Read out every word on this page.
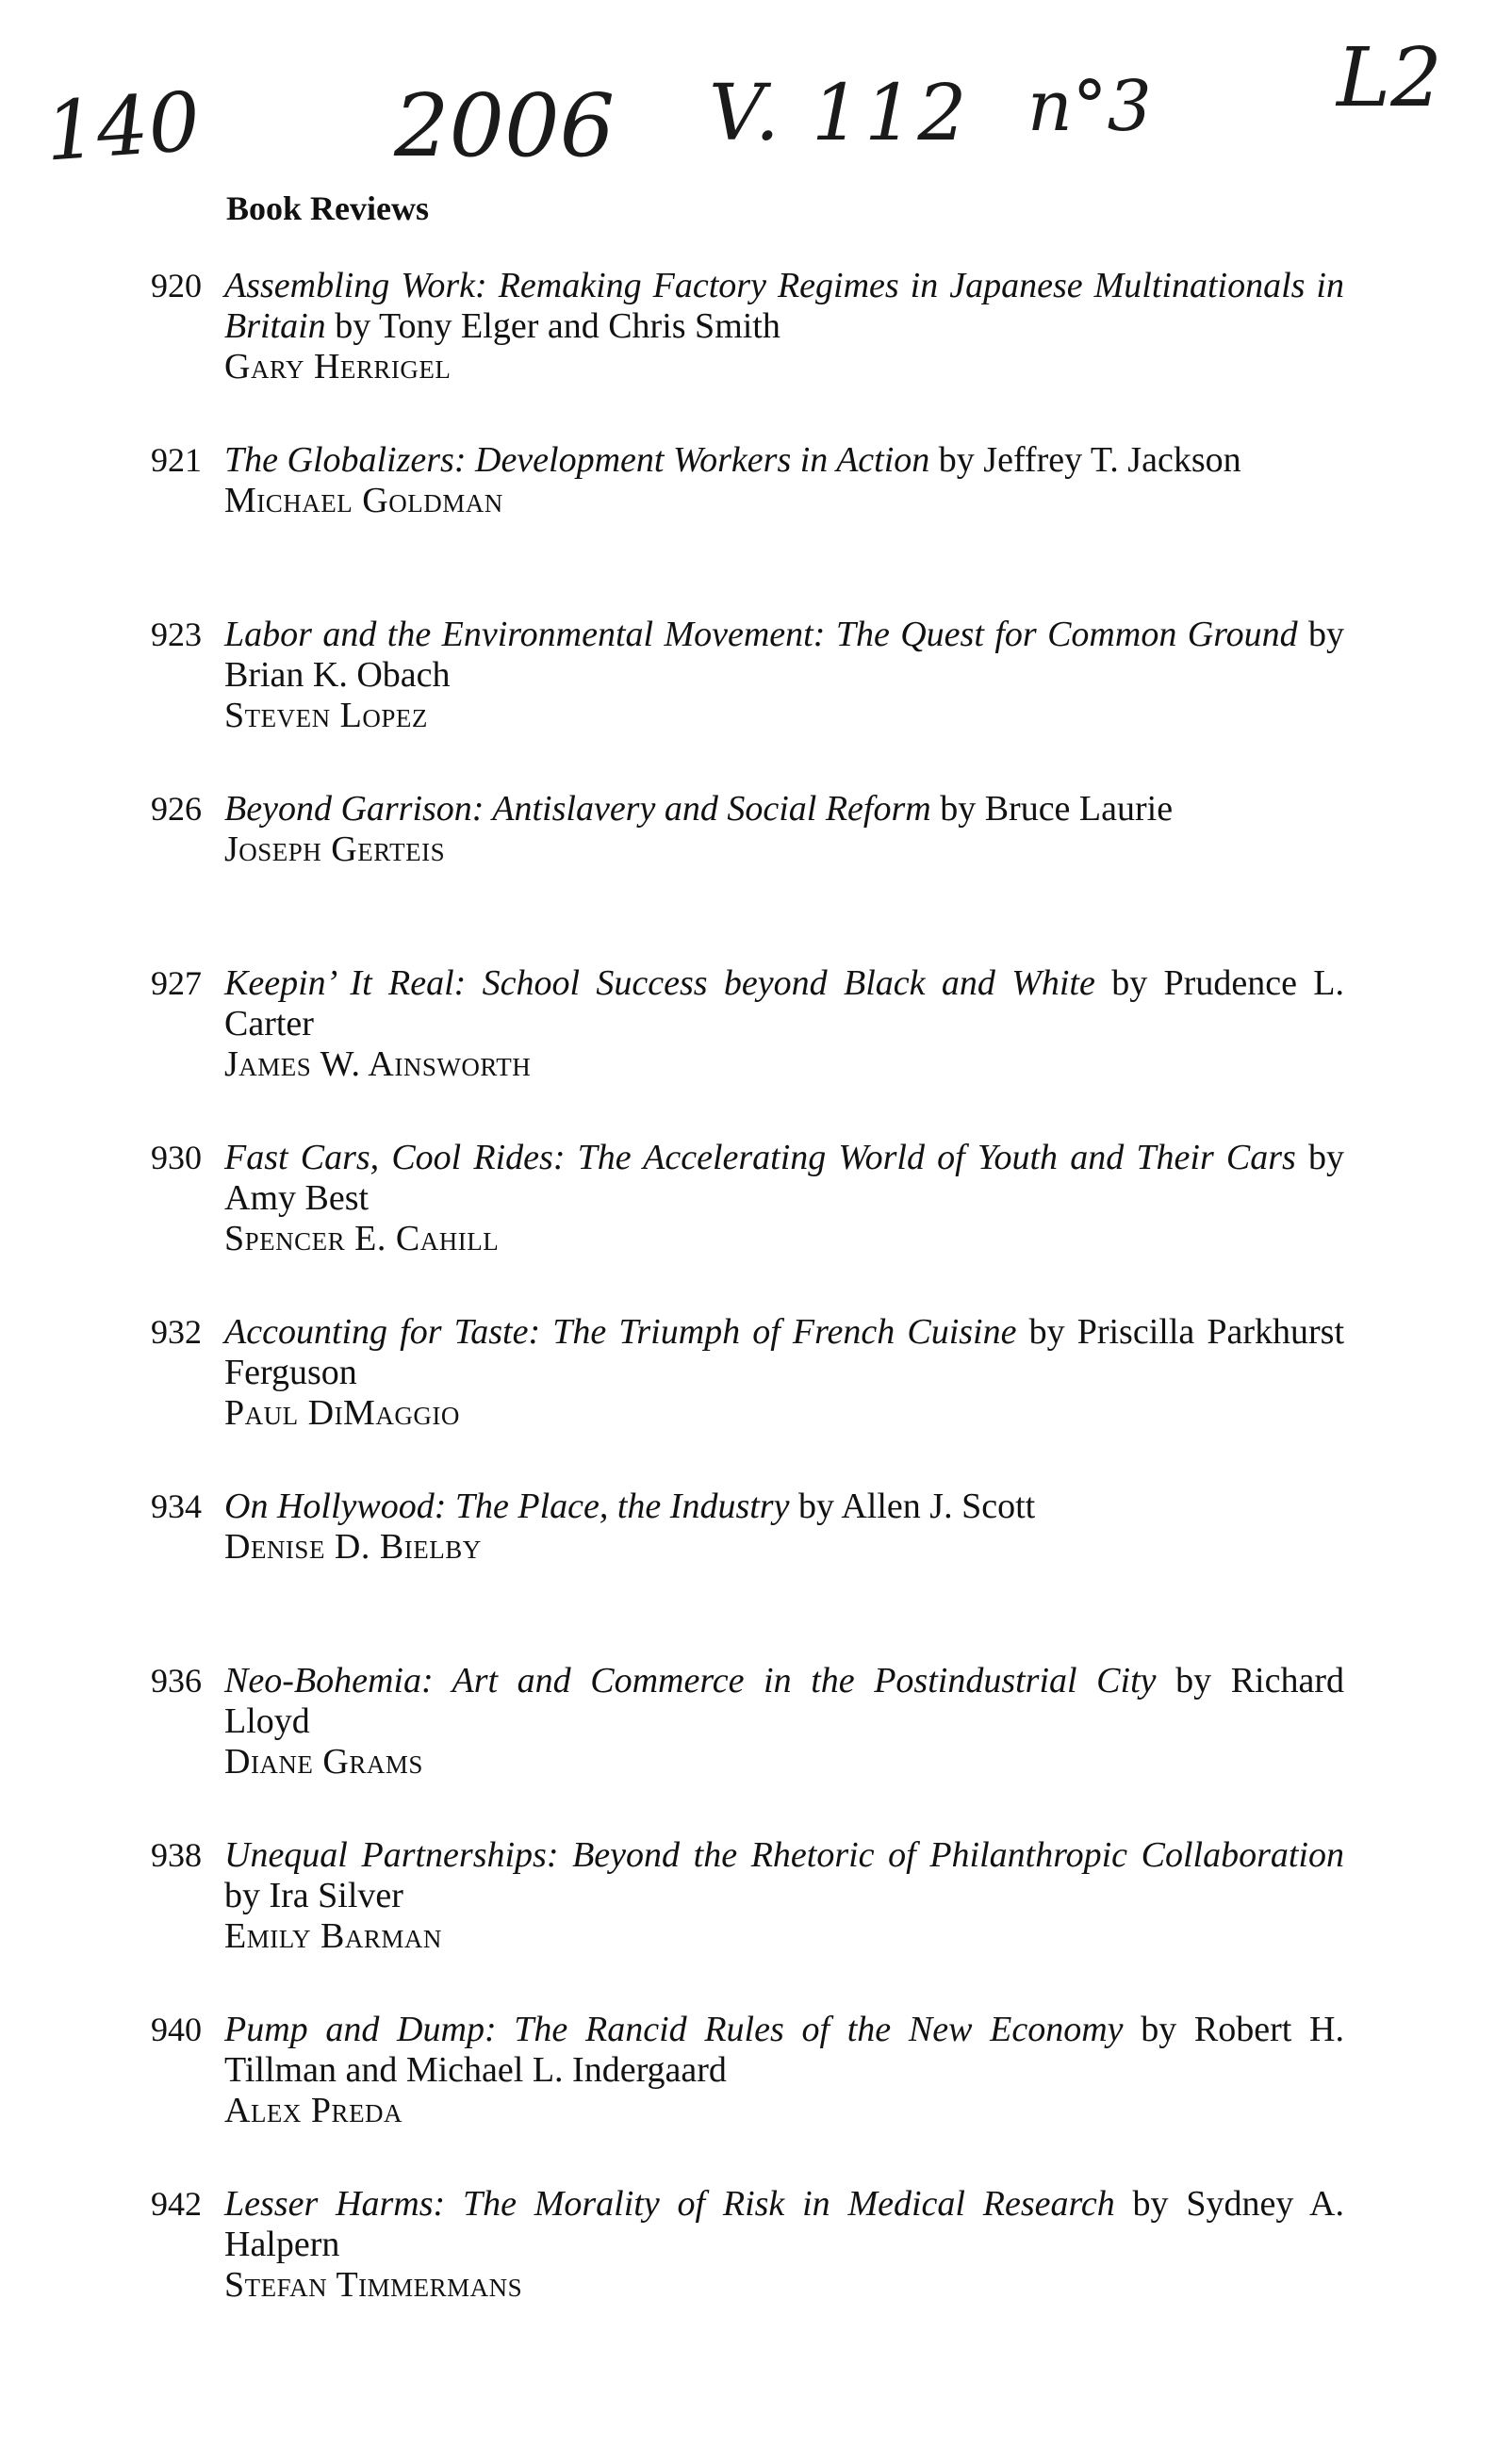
140 2006 V. 112 n°3 L2
Book Reviews
920 Assembling Work: Remaking Factory Regimes in Japanese Multinationals in Britain by Tony Elger and Chris Smith
Gary Herrigel
921 The Globalizers: Development Workers in Action by Jeffrey T. Jackson
Michael Goldman
923 Labor and the Environmental Movement: The Quest for Common Ground by Brian K. Obach
Steven Lopez
926 Beyond Garrison: Antislavery and Social Reform by Bruce Laurie
Joseph Gerteis
927 Keepin’ It Real: School Success beyond Black and White by Prudence L. Carter
James W. Ainsworth
930 Fast Cars, Cool Rides: The Accelerating World of Youth and Their Cars by Amy Best
Spencer E. Cahill
932 Accounting for Taste: The Triumph of French Cuisine by Priscilla Parkhurst Ferguson
Paul DiMaggio
934 On Hollywood: The Place, the Industry by Allen J. Scott
Denise D. Bielby
936 Neo-Bohemia: Art and Commerce in the Postindustrial City by Richard Lloyd
Diane Grams
938 Unequal Partnerships: Beyond the Rhetoric of Philanthropic Collaboration by Ira Silver
Emily Barman
940 Pump and Dump: The Rancid Rules of the New Economy by Robert H. Tillman and Michael L. Indergaard
Alex Preda
942 Lesser Harms: The Morality of Risk in Medical Research by Sydney A. Halpern
Stefan Timmermans
